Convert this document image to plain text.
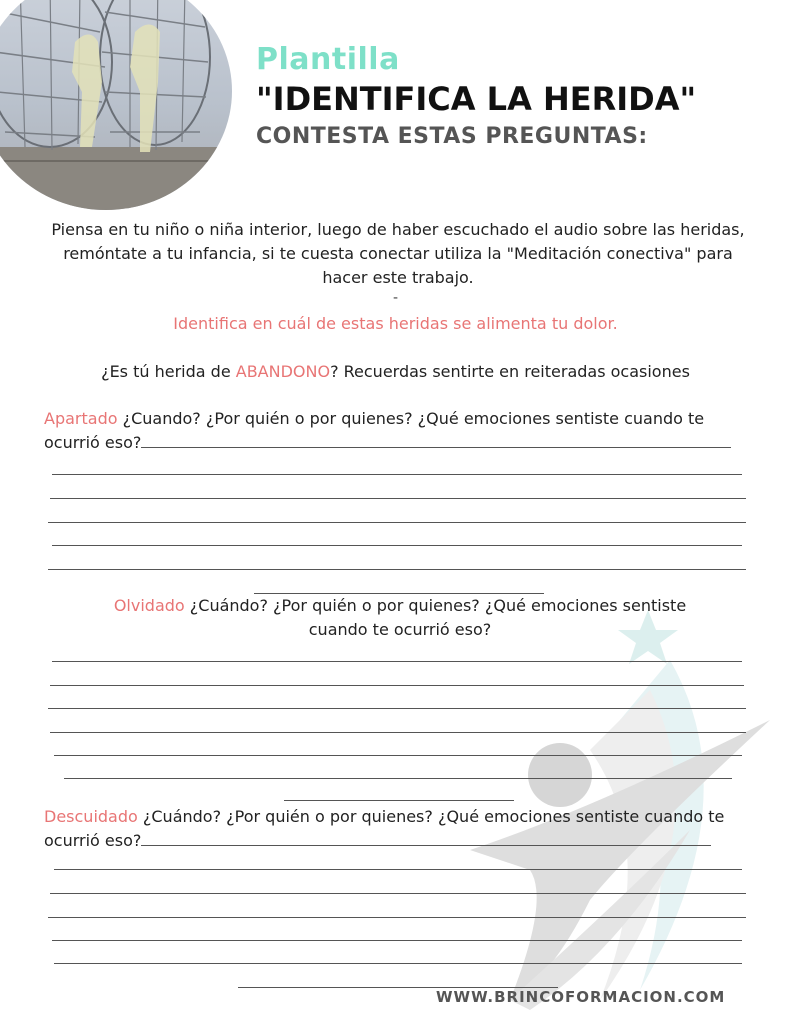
Plantilla
"IDENTIFICA LA HERIDA"
CONTESTA ESTAS PREGUNTAS:
Piensa en tu niño o niña interior, luego de haber escuchado el audio sobre las heridas, remóntate a tu infancia, si te cuesta conectar utiliza la "Meditación conectiva" para hacer este trabajo.
-
Identifica en cuál de estas heridas se alimenta tu dolor.
¿Es tú herida de ABANDONO? Recuerdas sentirte en reiteradas ocasiones
Apartado ¿Cuando? ¿Por quién o por quienes? ¿Qué emociones sentiste cuando te ocurrió eso?
Olvidado ¿Cuándo? ¿Por quién o por quienes? ¿Qué emociones sentiste cuando te ocurrió eso?
Descuidado ¿Cuándo? ¿Por quién o por quienes? ¿Qué emociones sentiste cuando te ocurrió eso?
WWW.BRINCOFORMACION.COM
